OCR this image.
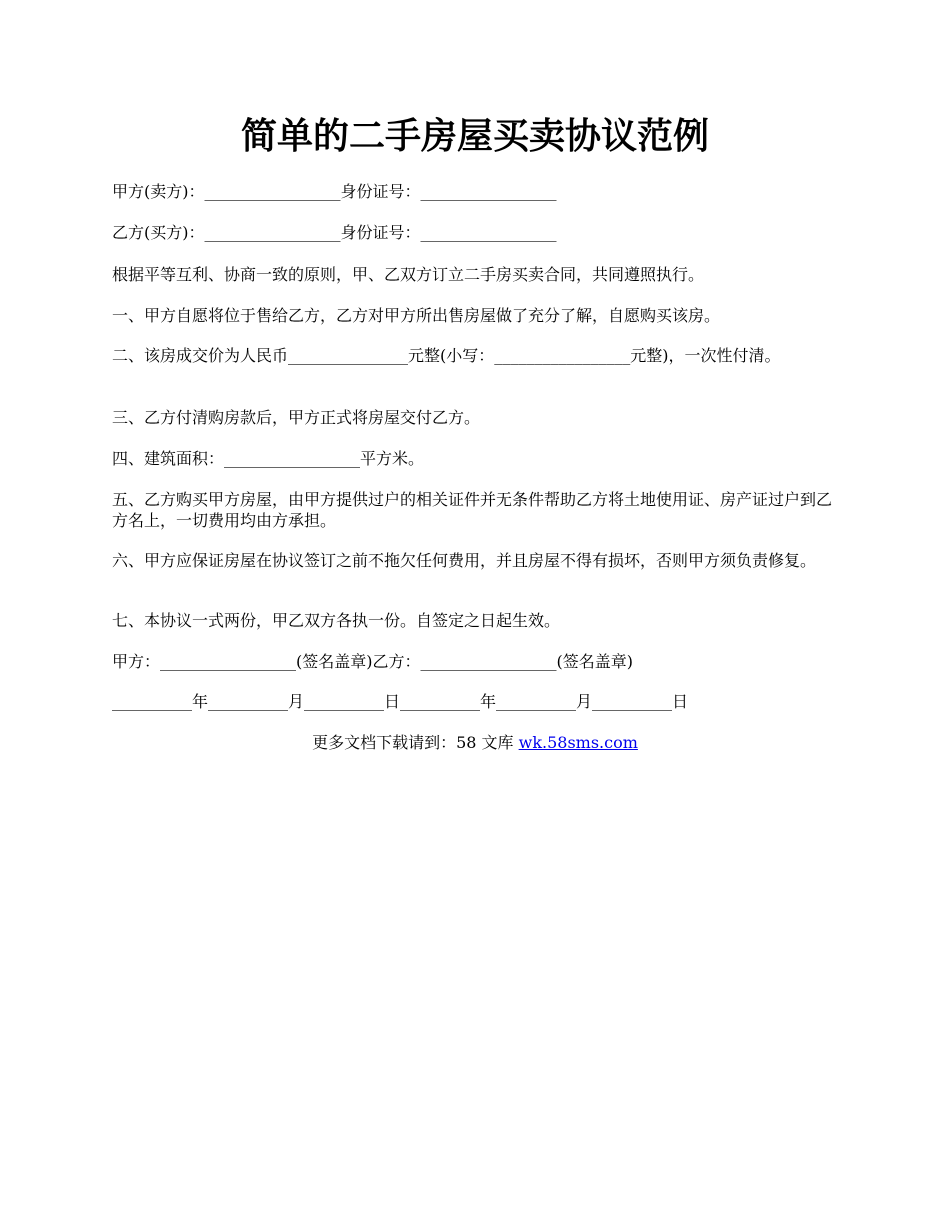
简单的二手房屋买卖协议范例

甲方(卖方)：_________________身份证号：_________________

乙方(买方)：_________________身份证号：_________________

根据平等互利、协商一致的原则，甲、乙双方订立二手房买卖合同，共同遵照执行。

一、甲方自愿将位于售给乙方，乙方对甲方所出售房屋做了充分了解，自愿购买该房。

二、该房成交价为人民币_______________元整(小写：_________________元整)，一次性付清。

三、乙方付清购房款后，甲方正式将房屋交付乙方。

四、建筑面积：_________________平方米。

五、乙方购买甲方房屋，由甲方提供过户的相关证件并无条件帮助乙方将土地使用证、房产证过户到乙方名上，一切费用均由方承担。

六、甲方应保证房屋在协议签订之前不拖欠任何费用，并且房屋不得有损坏，否则甲方须负责修复。

七、本协议一式两份，甲乙双方各执一份。自签定之日起生效。

甲方：_________________(签名盖章)乙方：_________________(签名盖章)

__________年__________月__________日__________年__________月__________日

更多文档下载请到：58 文库 wk.58sms.com
